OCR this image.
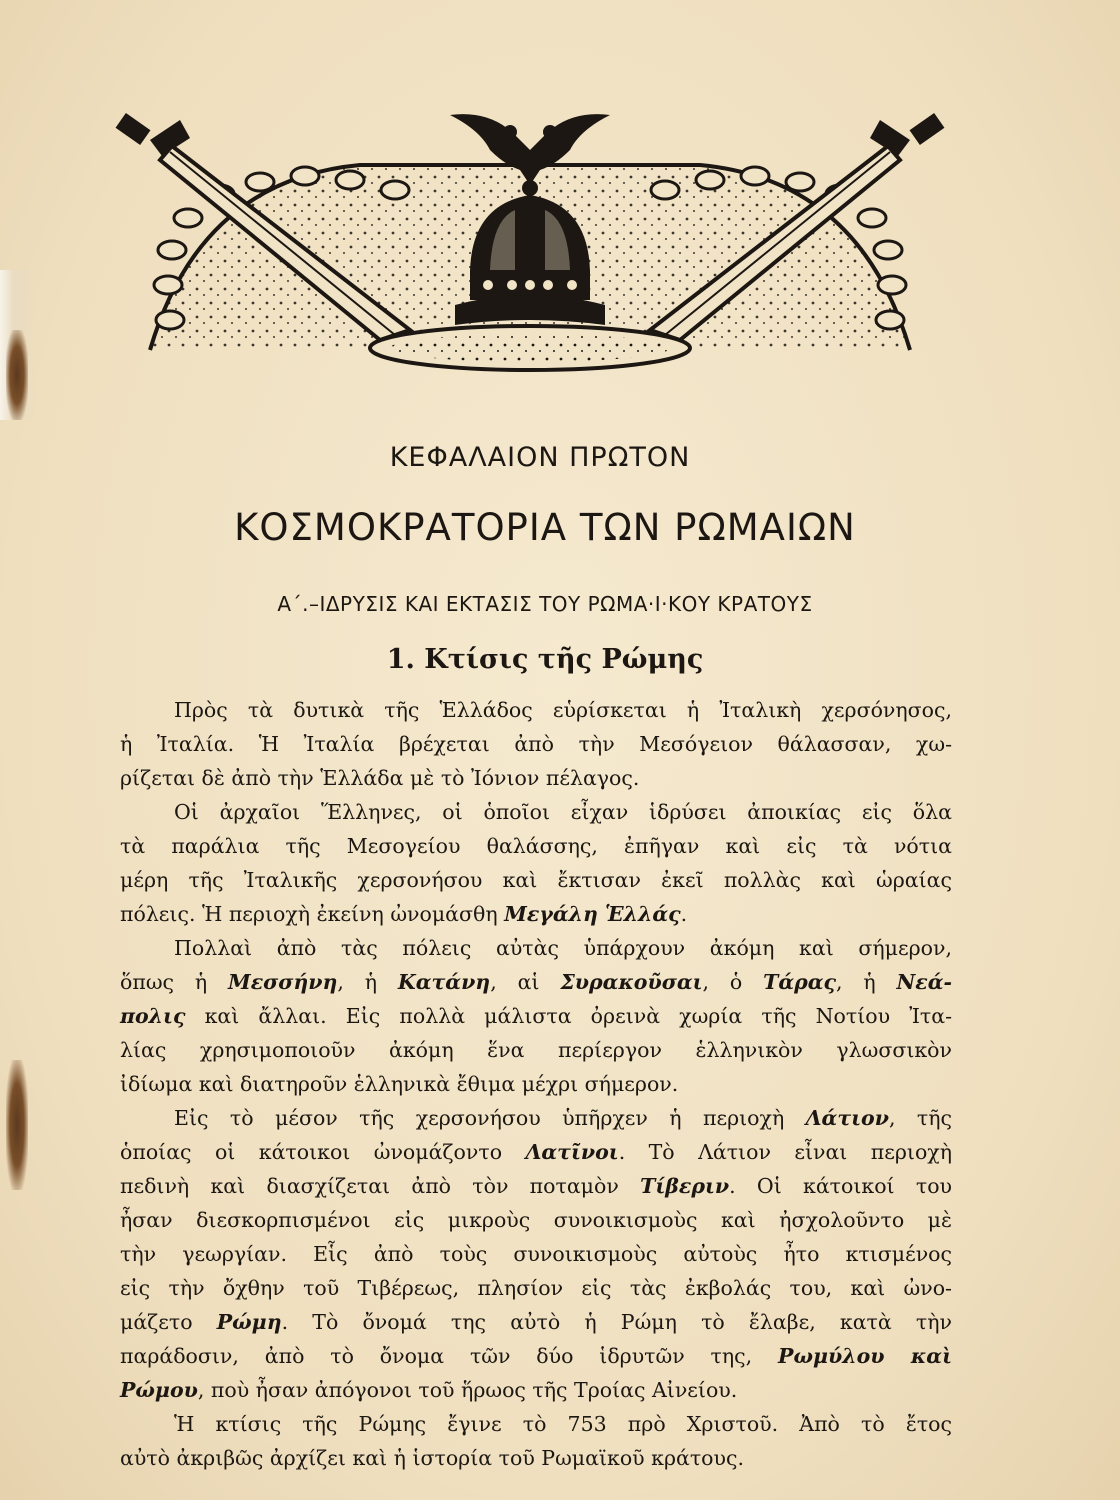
ΚΕΦΑΛΑΙΟΝ ΠΡΩΤΟΝ
ΚΟΣΜΟΚΡΑΤΟΡΙΑ ΤΩΝ ΡΩΜΑΙΩΝ
Α΄.–ΙΔΡΥΣΙΣ ΚΑΙ ΕΚΤΑΣΙΣ ΤΟΥ ΡΩΜΑ·Ι·ΚΟΥ ΚΡΑΤΟΥΣ
1. Κτίσις τῆς Ρώμης
Πρὸς τὰ δυτικὰ τῆς Ἑλλάδος εὑρίσκεται ἡ Ἰταλικὴ χερσόνησος,
ἡ Ἰταλία. Ἡ Ἰταλία βρέχεται ἀπὸ τὴν Μεσόγειον θάλασσαν, χω-
ρίζεται δὲ ἀπὸ τὴν Ἑλλάδα μὲ τὸ Ἰόνιον πέλαγος.
Οἱ ἀρχαῖοι Ἕλληνες, οἱ ὁποῖοι εἶχαν ἱδρύσει ἀποικίας εἰς ὅλα
τὰ παράλια τῆς Μεσογείου θαλάσσης, ἐπῆγαν καὶ εἰς τὰ νότια
μέρη τῆς Ἰταλικῆς χερσονήσου καὶ ἔκτισαν ἐκεῖ πολλὰς καὶ ὡραίας
πόλεις. Ἡ περιοχὴ ἐκείνη ὠνομάσθη Μεγάλη Ἑλλάς.
Πολλαὶ ἀπὸ τὰς πόλεις αὐτὰς ὑπάρχουν ἀκόμη καὶ σήμερον,
ὅπως ἡ Μεσσήνη, ἡ Κατάνη, αἱ Συρακοῦσαι, ὁ Τάρας, ἡ Νεά-
πολις καὶ ἄλλαι. Εἰς πολλὰ μάλιστα ὀρεινὰ χωρία τῆς Νοτίου Ἰτα-
λίας χρησιμοποιοῦν ἀκόμη ἕνα περίεργον ἑλληνικὸν γλωσσικὸν
ἰδίωμα καὶ διατηροῦν ἑλληνικὰ ἔθιμα μέχρι σήμερον.
Εἰς τὸ μέσον τῆς χερσονήσου ὑπῆρχεν ἡ περιοχὴ Λάτιον, τῆς
ὁποίας οἱ κάτοικοι ὠνομάζοντο Λατῖνοι. Τὸ Λάτιον εἶναι περιοχὴ
πεδινὴ καὶ διασχίζεται ἀπὸ τὸν ποταμὸν Τίβεριν. Οἱ κάτοικοί του
ἦσαν διεσκορπισμένοι εἰς μικροὺς συνοικισμοὺς καὶ ἠσχολοῦντο μὲ
τὴν γεωργίαν. Εἷς ἀπὸ τοὺς συνοικισμοὺς αὐτοὺς ἦτο κτισμένος
εἰς τὴν ὄχθην τοῦ Τιβέρεως, πλησίον εἰς τὰς ἐκβολάς του, καὶ ὠνο-
μάζετο Ρώμη. Τὸ ὄνομά της αὐτὸ ἡ Ρώμη τὸ ἔλαβε, κατὰ τὴν
παράδοσιν, ἀπὸ τὸ ὄνομα τῶν δύο ἱδρυτῶν της, Ρωμύλου καὶ
Ρώμου, ποὺ ἦσαν ἀπόγονοι τοῦ ἥρωος τῆς Τροίας Αἰνείου.
Ἡ κτίσις τῆς Ρώμης ἔγινε τὸ 753 πρὸ Χριστοῦ. Ἀπὸ τὸ ἔτος
αὐτὸ ἀκριβῶς ἀρχίζει καὶ ἡ ἱστορία τοῦ Ρωμαϊκοῦ κράτους.
